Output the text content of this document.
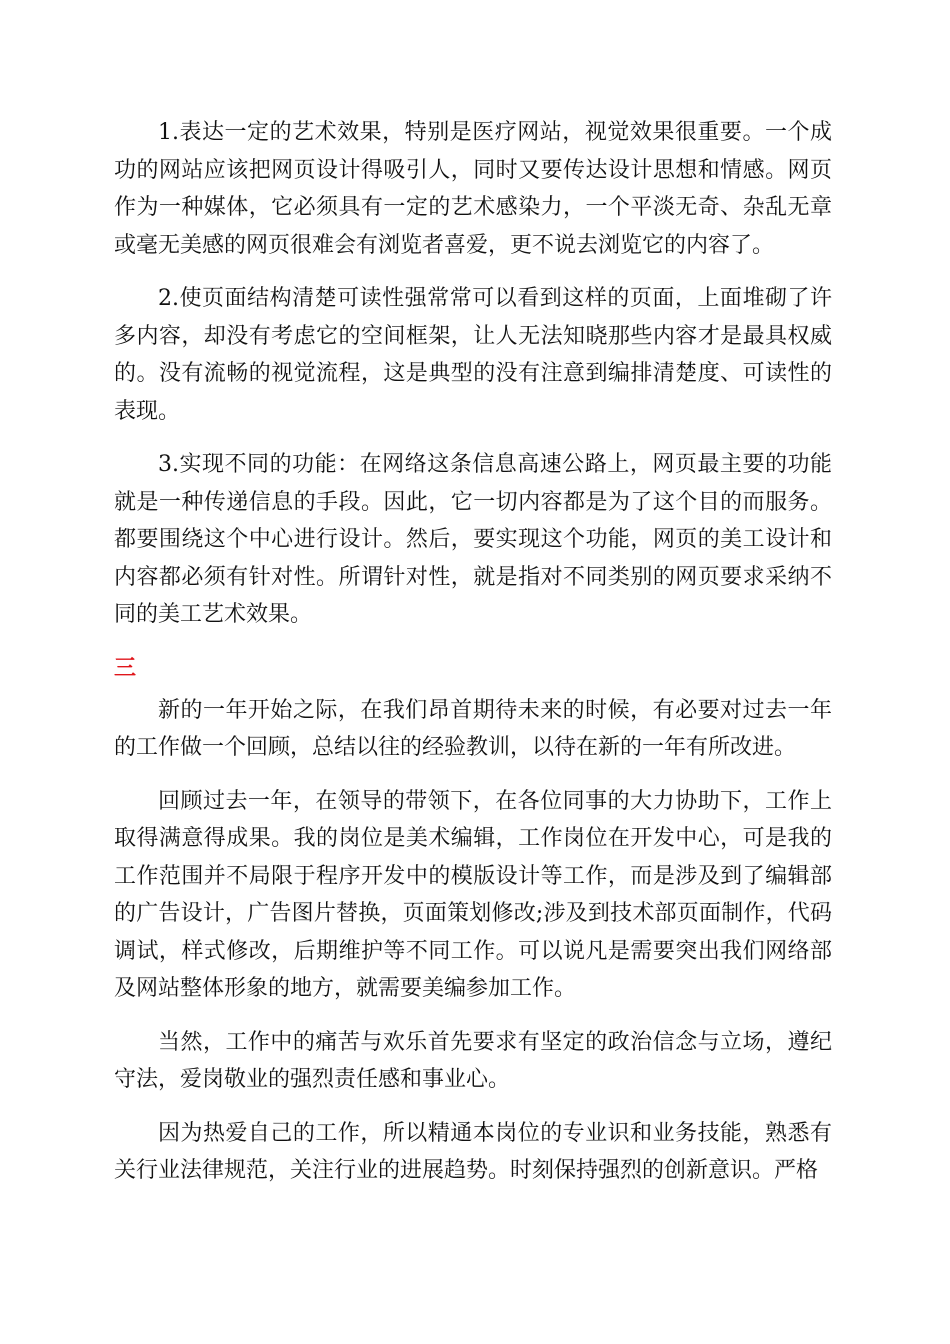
1.表达一定的艺术效果，特别是医疗网站，视觉效果很重要。一个成功的网站应该把网页设计得吸引人，同时又要传达设计思想和情感。网页作为一种媒体，它必须具有一定的艺术感染力，一个平淡无奇、杂乱无章或毫无美感的网页很难会有浏览者喜爱，更不说去浏览它的内容了。

2.使页面结构清楚可读性强常常可以看到这样的页面，上面堆砌了许多内容，却没有考虑它的空间框架，让人无法知晓那些内容才是最具权威的。没有流畅的视觉流程，这是典型的没有注意到编排清楚度、可读性的表现。

3.实现不同的功能：在网络这条信息高速公路上，网页最主要的功能就是一种传递信息的手段。因此，它一切内容都是为了这个目的而服务。都要围绕这个中心进行设计。然后，要实现这个功能，网页的美工设计和内容都必须有针对性。所谓针对性，就是指对不同类别的网页要求采纳不同的美工艺术效果。

三

新的一年开始之际，在我们昂首期待未来的时候，有必要对过去一年的工作做一个回顾，总结以往的经验教训，以待在新的一年有所改进。

回顾过去一年，在领导的带领下，在各位同事的大力协助下，工作上取得满意得成果。我的岗位是美术编辑，工作岗位在开发中心，可是我的工作范围并不局限于程序开发中的模版设计等工作，而是涉及到了编辑部的广告设计，广告图片替换，页面策划修改;涉及到技术部页面制作，代码调试，样式修改，后期维护等不同工作。可以说凡是需要突出我们网络部及网站整体形象的地方，就需要美编参加工作。

当然，工作中的痛苦与欢乐首先要求有坚定的政治信念与立场，遵纪守法，爱岗敬业的强烈责任感和事业心。

因为热爱自己的工作，所以精通本岗位的专业识和业务技能，熟悉有关行业法律规范，关注行业的进展趋势。时刻保持强烈的创新意识。严格
